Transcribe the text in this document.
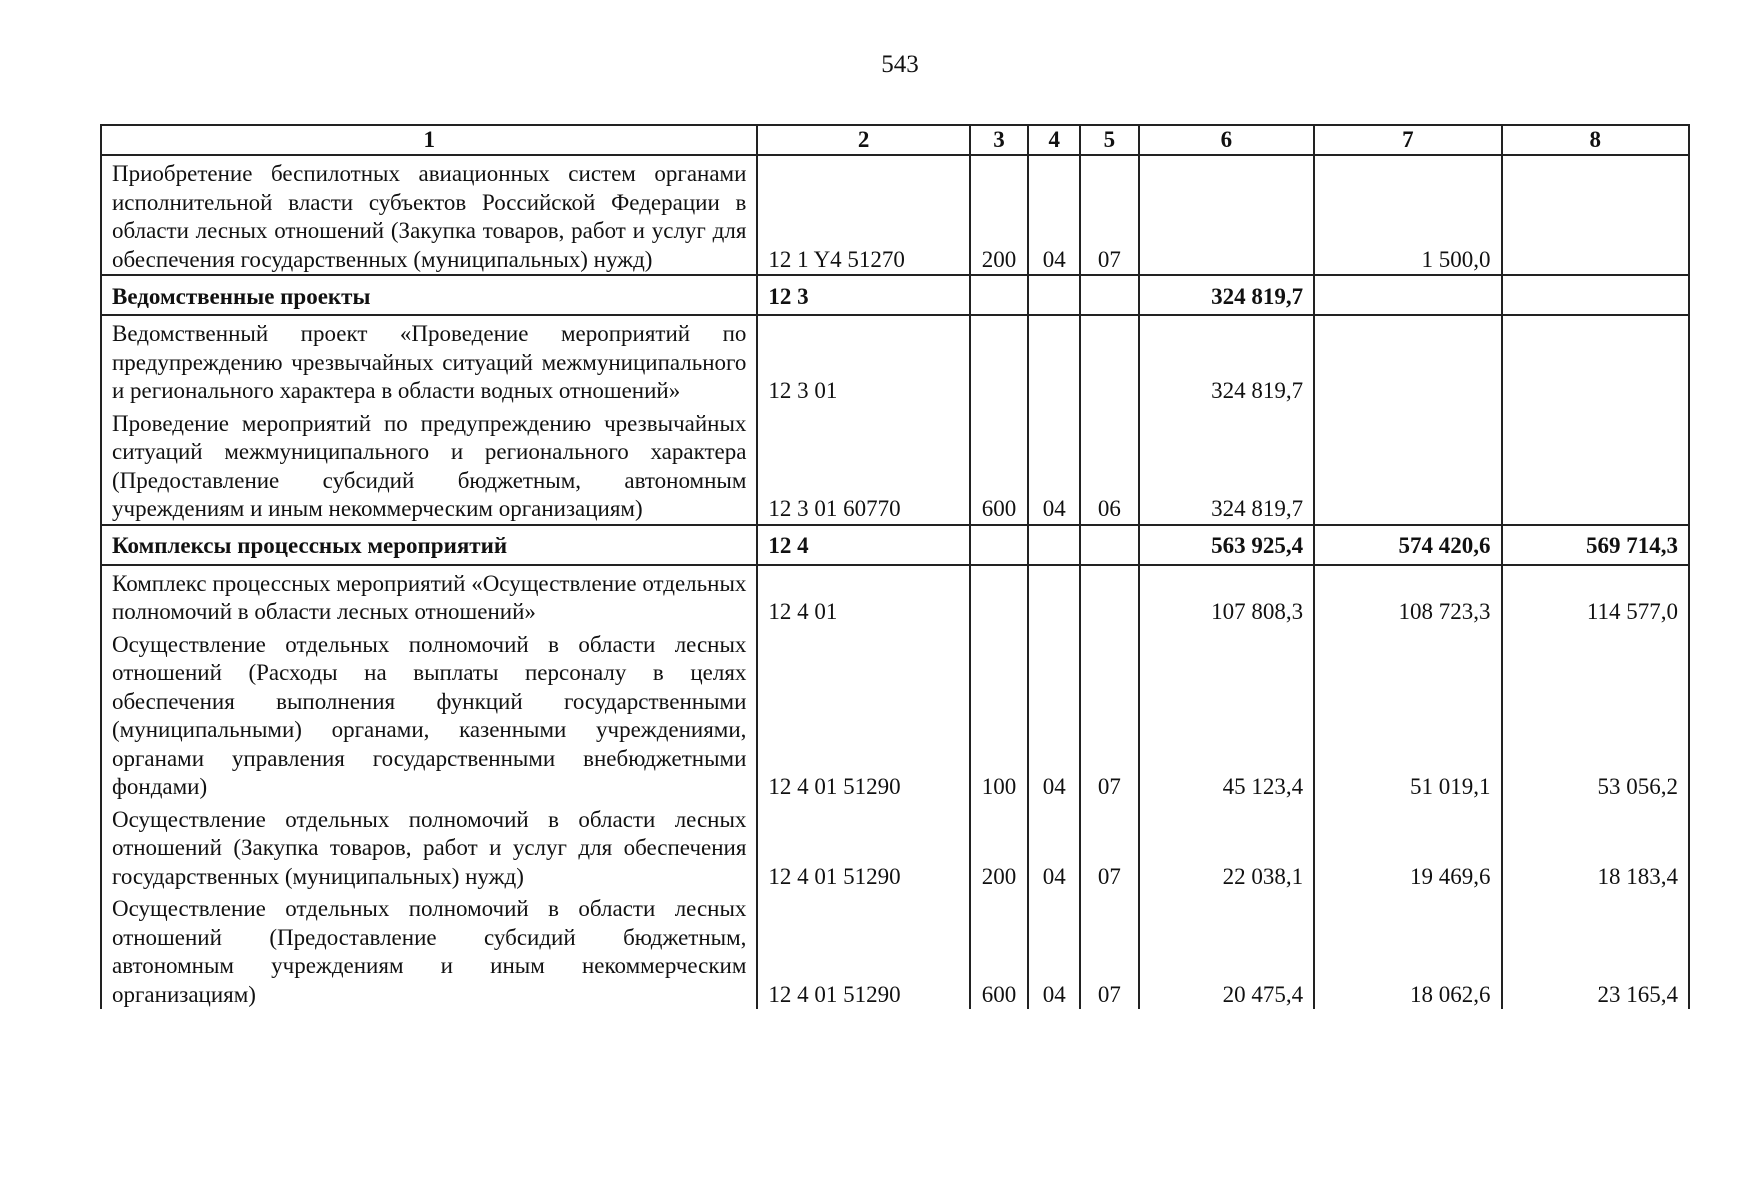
543
1	2	3	4	5	6	7	8
Приобретение беспилотных авиационных систем органами исполнительной власти субъектов Российской Федерации в области лесных отношений (Закупка товаров, работ и услуг для обеспечения государственных (муниципальных) нужд)	12 1 Y4 51270	200	04	07		1 500,0	
Ведомственные проекты	12 3				324 819,7		
Ведомственный проект «Проведение мероприятий по предупреждению чрезвычайных ситуаций межмуниципального и регионального характера в области водных отношений»	12 3 01				324 819,7		
Проведение мероприятий по предупреждению чрезвычайных ситуаций межмуниципального и регионального характера (Предоставление субсидий бюджетным, автономным учреждениям и иным некоммерческим организациям)	12 3 01 60770	600	04	06	324 819,7		
Комплексы процессных мероприятий	12 4				563 925,4	574 420,6	569 714,3
Комплекс процессных мероприятий «Осуществление отдельных полномочий в области лесных отношений»	12 4 01				107 808,3	108 723,3	114 577,0
Осуществление отдельных полномочий в области лесных отношений (Расходы на выплаты персоналу в целях обеспечения выполнения функций государственными (муниципальными) органами, казенными учреждениями, органами управления государственными внебюджетными фондами)	12 4 01 51290	100	04	07	45 123,4	51 019,1	53 056,2
Осуществление отдельных полномочий в области лесных отношений (Закупка товаров, работ и услуг для обеспечения государственных (муниципальных) нужд)	12 4 01 51290	200	04	07	22 038,1	19 469,6	18 183,4
Осуществление отдельных полномочий в области лесных отношений (Предоставление субсидий бюджетным, автономным учреждениям и иным некоммерческим организациям)	12 4 01 51290	600	04	07	20 475,4	18 062,6	23 165,4
